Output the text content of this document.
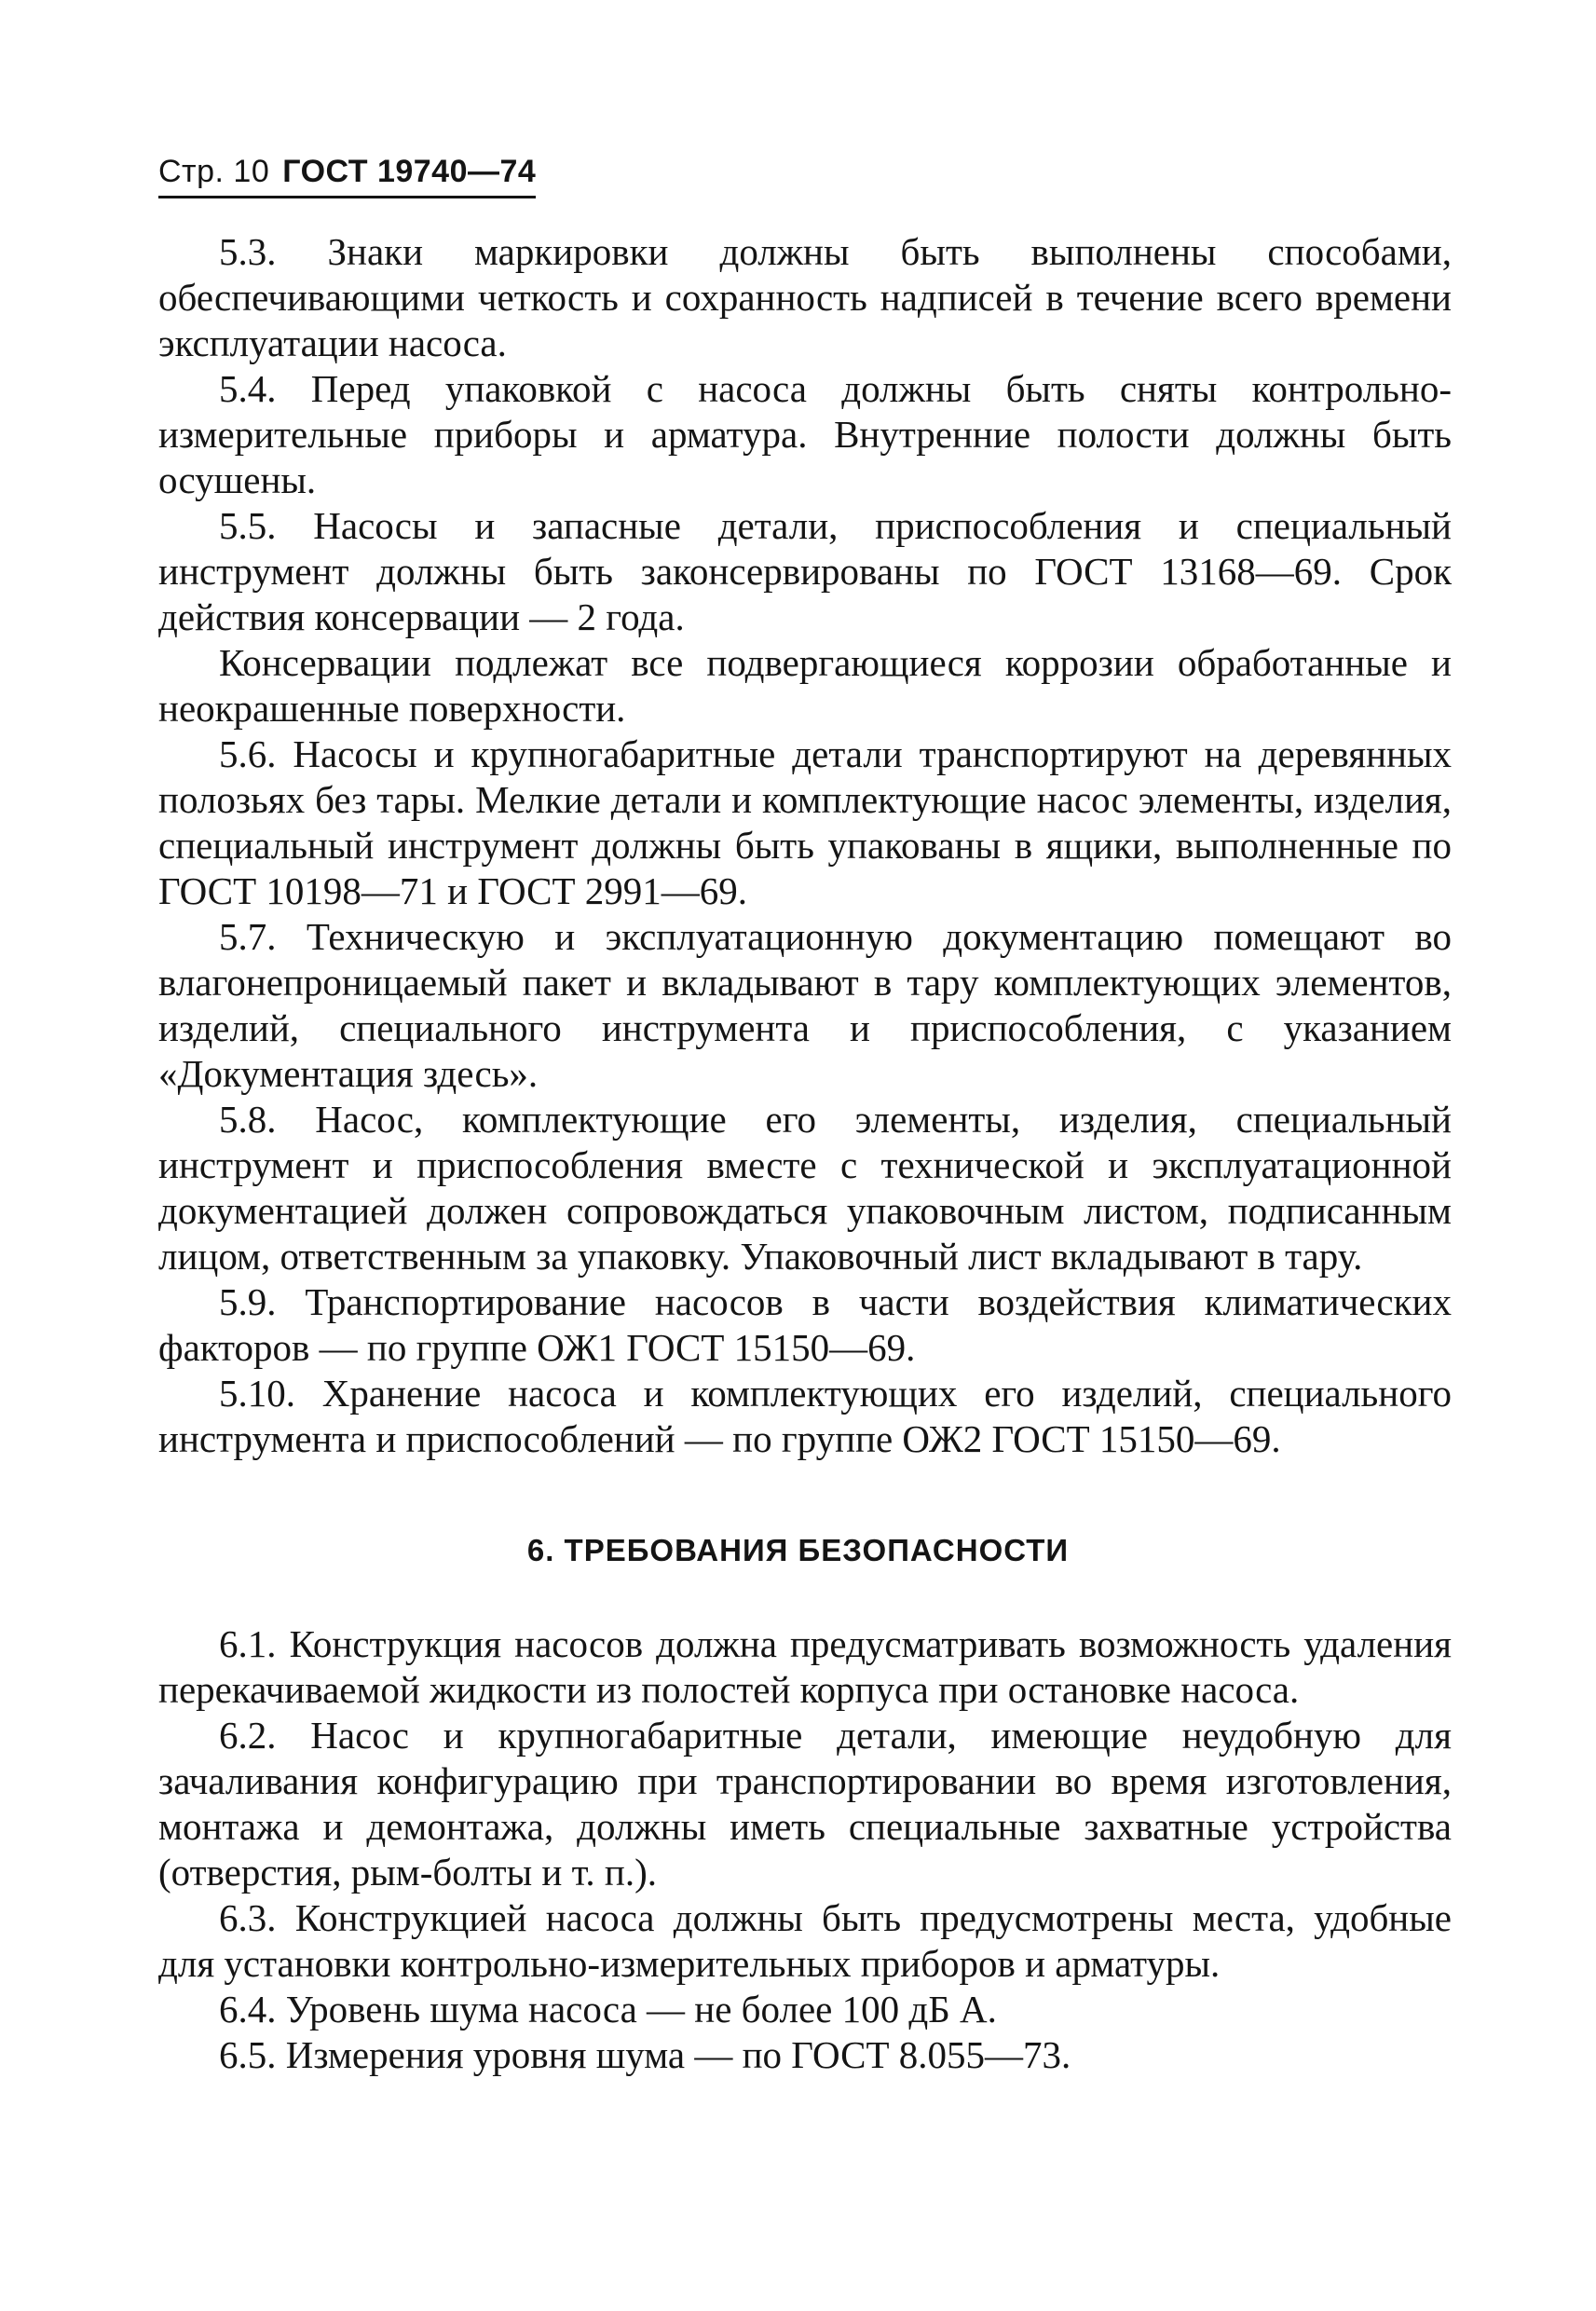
Стр. 10 ГОСТ 19740—74

5.3. Знаки маркировки должны быть выполнены способами, обеспечивающими четкость и сохранность надписей в течение всего времени эксплуатации насоса.

5.4. Перед упаковкой с насоса должны быть сняты контрольно-измерительные приборы и арматура. Внутренние полости должны быть осушены.

5.5. Насосы и запасные детали, приспособления и специальный инструмент должны быть законсервированы по ГОСТ 13168—69. Срок действия консервации — 2 года.

Консервации подлежат все подвергающиеся коррозии обработанные и неокрашенные поверхности.

5.6. Насосы и крупногабаритные детали транспортируют на деревянных полозьях без тары. Мелкие детали и комплектующие насос элементы, изделия, специальный инструмент должны быть упакованы в ящики, выполненные по ГОСТ 10198—71 и ГОСТ 2991—69.

5.7. Техническую и эксплуатационную документацию помещают во влагонепроницаемый пакет и вкладывают в тару комплектующих элементов, изделий, специального инструмента и приспособления, с указанием «Документация здесь».

5.8. Насос, комплектующие его элементы, изделия, специальный инструмент и приспособления вместе с технической и эксплуатационной документацией должен сопровождаться упаковочным листом, подписанным лицом, ответственным за упаковку. Упаковочный лист вкладывают в тару.

5.9. Транспортирование насосов в части воздействия климатических факторов — по группе ОЖ1 ГОСТ 15150—69.

5.10. Хранение насоса и комплектующих его изделий, специального инструмента и приспособлений — по группе ОЖ2 ГОСТ 15150—69.

6. ТРЕБОВАНИЯ БЕЗОПАСНОСТИ

6.1. Конструкция насосов должна предусматривать возможность удаления перекачиваемой жидкости из полостей корпуса при остановке насоса.

6.2. Насос и крупногабаритные детали, имеющие неудобную для зачаливания конфигурацию при транспортировании во время изготовления, монтажа и демонтажа, должны иметь специальные захватные устройства (отверстия, рым-болты и т. п.).

6.3. Конструкцией насоса должны быть предусмотрены места, удобные для установки контрольно-измерительных приборов и арматуры.

6.4. Уровень шума насоса — не более 100 дБ А.

6.5. Измерения уровня шума — по ГОСТ 8.055—73.
